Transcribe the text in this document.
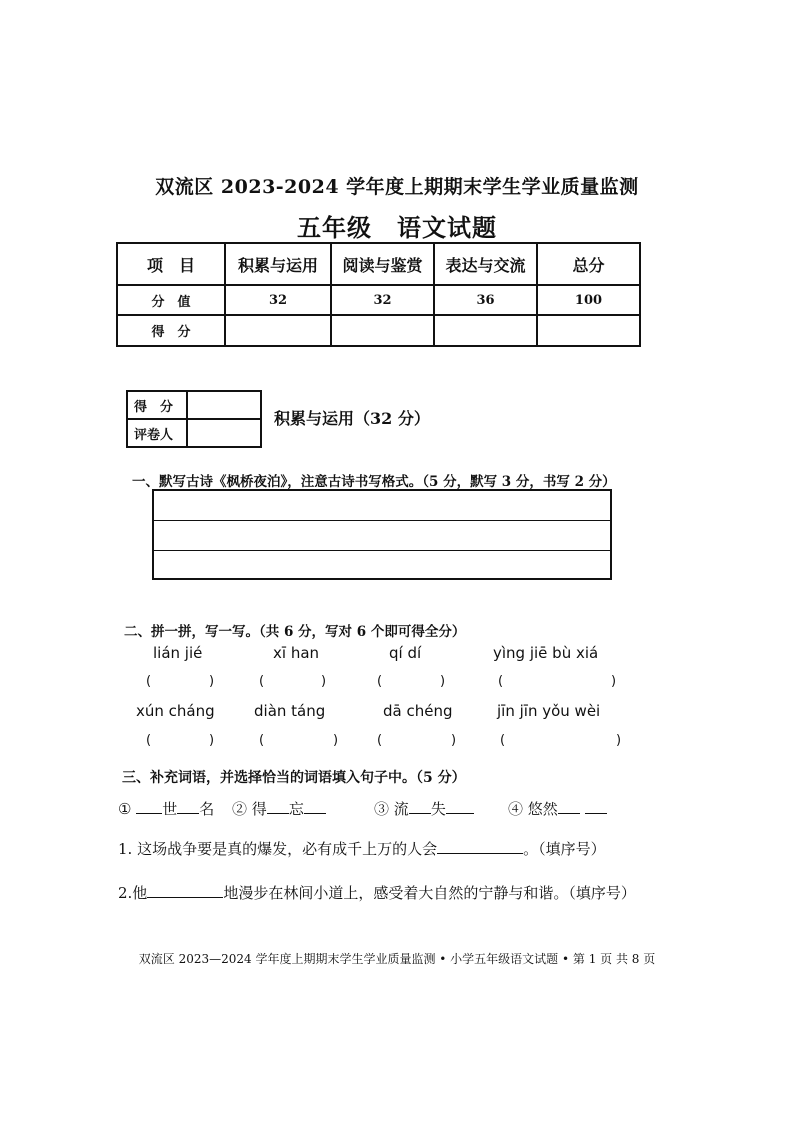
双流区 2023-2024 学年度上期期末学生学业质量监测
五年级　语文试题
项　目	积累与运用	阅读与鉴赏	表达与交流	总分
分　值	32	32	36	100
得　分				
得　分	
评卷人	
积累与运用（32 分）
一、默写古诗《枫桥夜泊》，注意古诗书写格式。（5 分，默写 3 分，书写 2 分）
二、拼一拼，写一写。（共 6 分，写对 6 个即可得全分）
lián jié	xī han	qí dí	yìng jiē bù xiá
(	)	(	)	(	)	(	)
xún cháng	diàn táng	dā chéng	jīn jīn yǒu wèi
(	)	(	)	(	)	(	)
三、补充词语，并选择恰当的词语填入句子中。（5 分）
① 世 名 ② 得 忘	③ 流 失	④ 悠然
1. 这场战争要是真的爆发，必有成千上万的人会	。（填序号）
2.他	地漫步在林间小道上，感受着大自然的宁静与和谐。（填序号）
双流区 2023—2024 学年度上期期末学生学业质量监测 • 小学五年级语文试题 • 第 1 页 共 8 页
